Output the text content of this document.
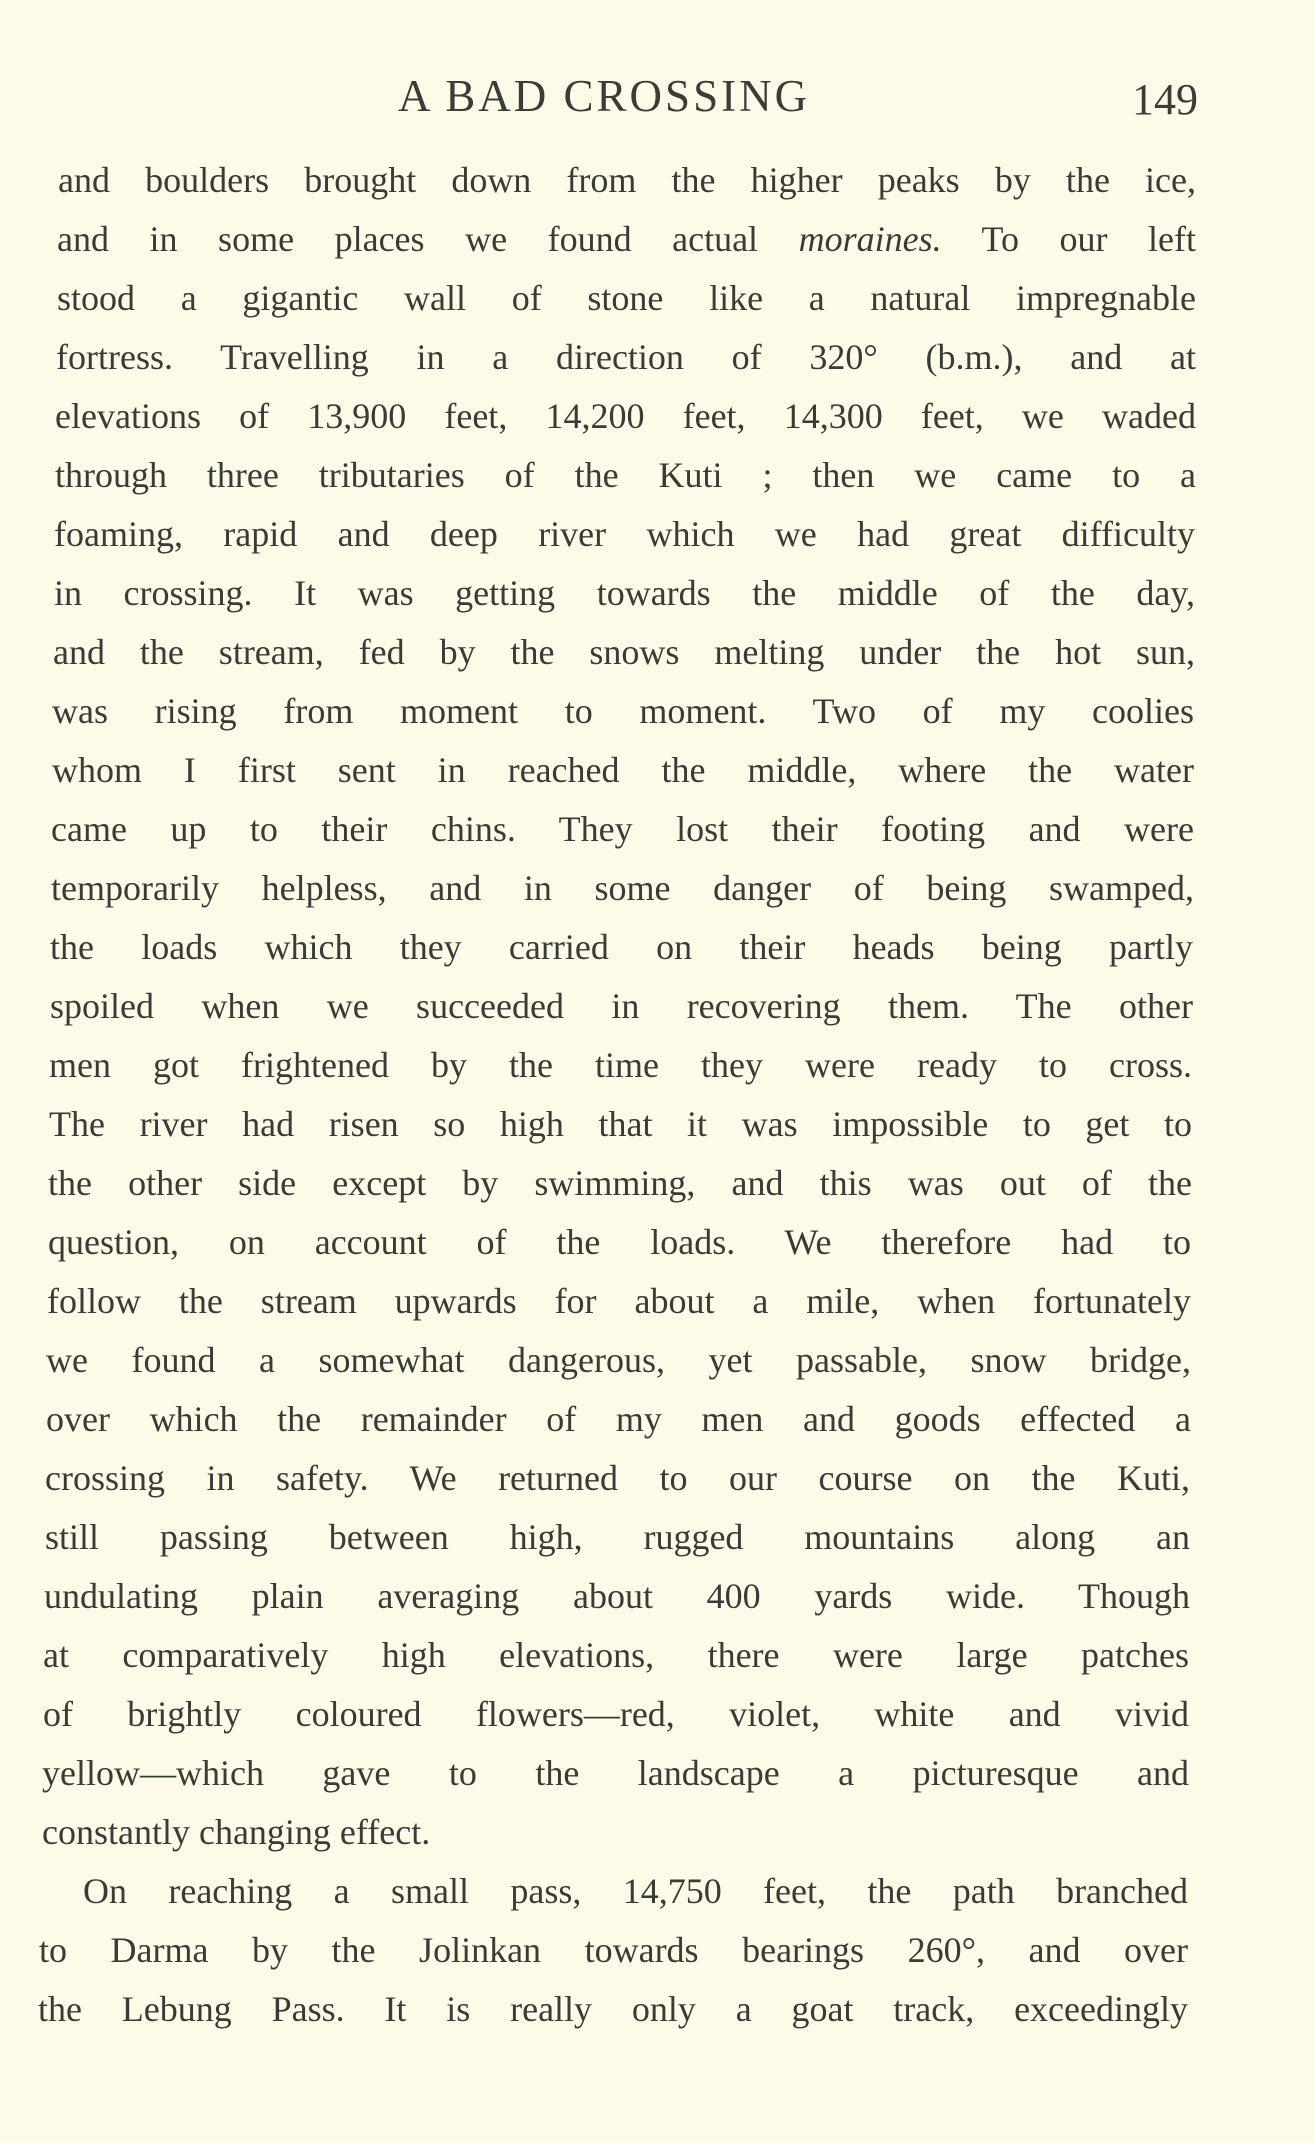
A BAD CROSSING	149
and boulders brought down from the higher peaks by the ice,
and in some places we found actual moraines. To our left
stood a gigantic wall of stone like a natural impregnable
fortress. Travelling in a direction of 320° (b.m.), and at
elevations of 13,900 feet, 14,200 feet, 14,300 feet, we waded
through three tributaries of the Kuti ; then we came to a
foaming, rapid and deep river which we had great difficulty
in crossing. It was getting towards the middle of the day,
and the stream, fed by the snows melting under the hot sun,
was rising from moment to moment. Two of my coolies
whom I first sent in reached the middle, where the water
came up to their chins. They lost their footing and were
temporarily helpless, and in some danger of being swamped,
the loads which they carried on their heads being partly
spoiled when we succeeded in recovering them. The other
men got frightened by the time they were ready to cross.
The river had risen so high that it was impossible to get to
the other side except by swimming, and this was out of the
question, on account of the loads. We therefore had to
follow the stream upwards for about a mile, when fortunately
we found a somewhat dangerous, yet passable, snow bridge,
over which the remainder of my men and goods effected a
crossing in safety. We returned to our course on the Kuti,
still passing between high, rugged mountains along an
undulating plain averaging about 400 yards wide. Though
at comparatively high elevations, there were large patches
of brightly coloured flowers—red, violet, white and vivid
yellow—which gave to the landscape a picturesque and
constantly changing effect.
On reaching a small pass, 14,750 feet, the path branched
to Darma by the Jolinkan towards bearings 260°, and over
the Lebung Pass. It is really only a goat track, exceedingly
